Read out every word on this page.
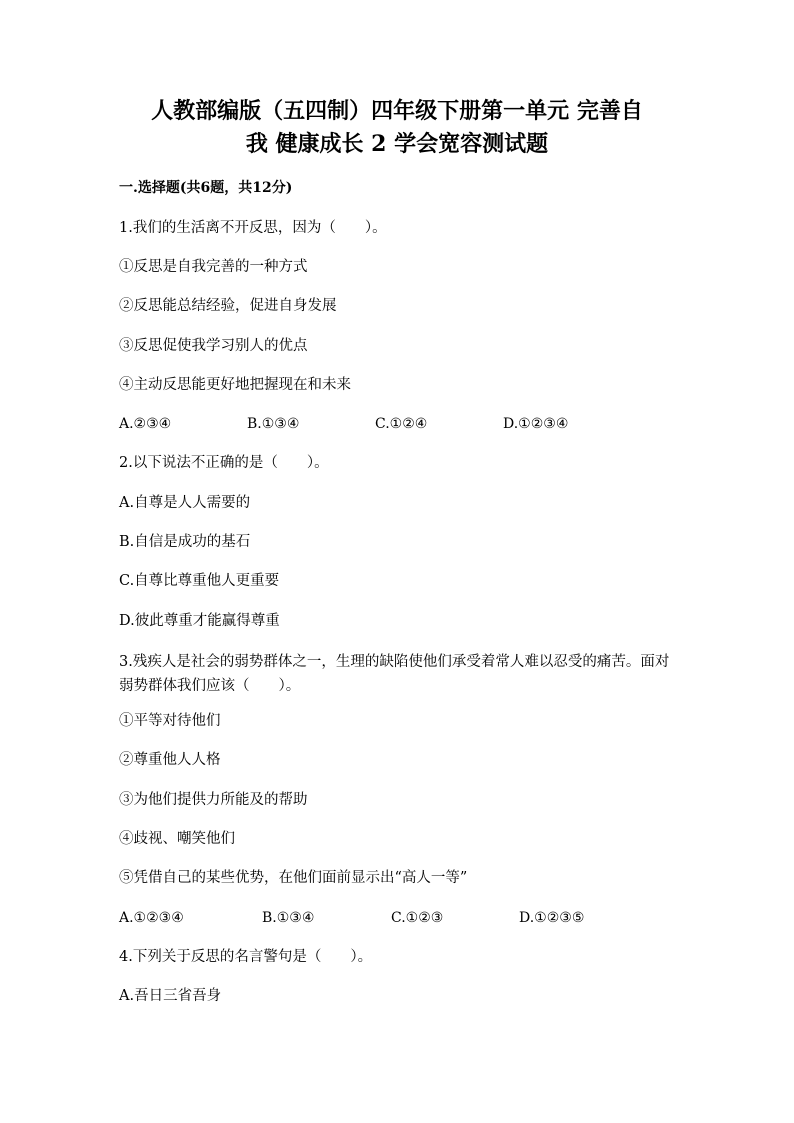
人教部编版（五四制）四年级下册第一单元 完善自
我 健康成长 2 学会宽容测试题
一.选择题(共6题，共12分)
1.我们的生活离不开反思，因为（　　）。
①反思是自我完善的一种方式
②反思能总结经验，促进自身发展
③反思促使我学习别人的优点
④主动反思能更好地把握现在和未来
A.②③④	B.①③④	C.①②④	D.①②③④
2.以下说法不正确的是（　　）。
A.自尊是人人需要的
B.自信是成功的基石
C.自尊比尊重他人更重要
D.彼此尊重才能赢得尊重
3.残疾人是社会的弱势群体之一，生理的缺陷使他们承受着常人难以忍受的痛苦。面对弱势群体我们应该（　　）。
①平等对待他们
②尊重他人人格
③为他们提供力所能及的帮助
④歧视、嘲笑他们
⑤凭借自己的某些优势，在他们面前显示出“高人一等”
A.①②③④	B.①③④	C.①②③	D.①②③⑤
4.下列关于反思的名言警句是（　　）。
A.吾日三省吾身
